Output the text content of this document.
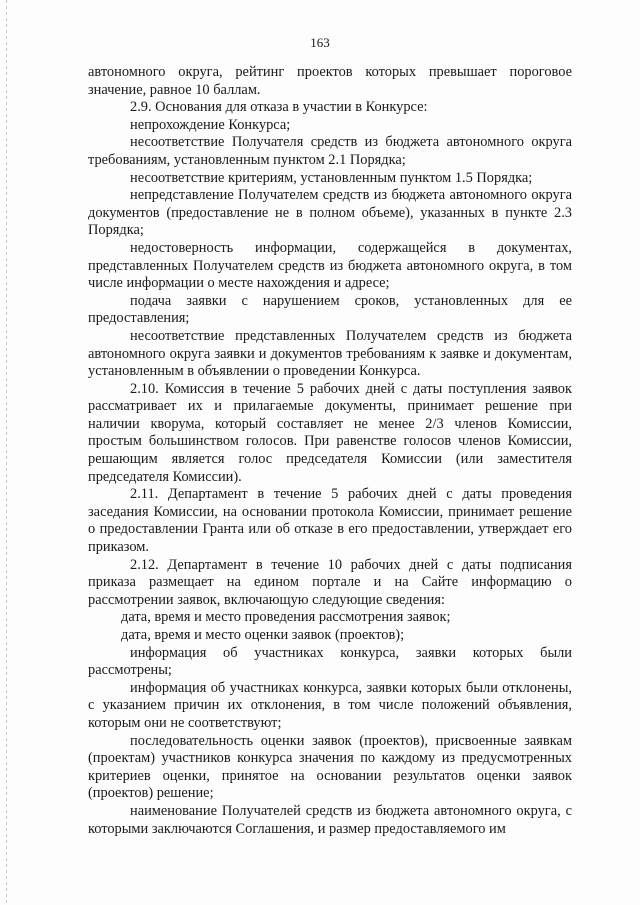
163

автономного округа, рейтинг проектов которых превышает пороговое значение, равное 10 баллам.

2.9. Основания для отказа в участии в Конкурсе:

непрохождение Конкурса;

несоответствие Получателя средств из бюджета автономного округа требованиям, установленным пунктом 2.1 Порядка;

несоответствие критериям, установленным пунктом 1.5 Порядка;

непредставление Получателем средств из бюджета автономного округа документов (предоставление не в полном объеме), указанных в пункте 2.3 Порядка;

недостоверность информации, содержащейся в документах, представленных Получателем средств из бюджета автономного округа, в том числе информации о месте нахождения и адресе;

подача заявки с нарушением сроков, установленных для ее предоставления;

несоответствие представленных Получателем средств из бюджета автономного округа заявки и документов требованиям к заявке и документам, установленным в объявлении о проведении Конкурса.

2.10. Комиссия в течение 5 рабочих дней с даты поступления заявок рассматривает их и прилагаемые документы, принимает решение при наличии кворума, который составляет не менее 2/3 членов Комиссии, простым большинством голосов. При равенстве голосов членов Комиссии, решающим является голос председателя Комиссии (или заместителя председателя Комиссии).

2.11. Департамент в течение 5 рабочих дней с даты проведения заседания Комиссии, на основании протокола Комиссии, принимает решение о предоставлении Гранта или об отказе в его предоставлении, утверждает его приказом.

2.12. Департамент в течение 10 рабочих дней с даты подписания приказа размещает на едином портале и на Сайте информацию о рассмотрении заявок, включающую следующие сведения:

дата, время и место проведения рассмотрения заявок;

дата, время и место оценки заявок (проектов);

информация об участниках конкурса, заявки которых были рассмотрены;

информация об участниках конкурса, заявки которых были отклонены, с указанием причин их отклонения, в том числе положений объявления, которым они не соответствуют;

последовательность оценки заявок (проектов), присвоенные заявкам (проектам) участников конкурса значения по каждому из предусмотренных критериев оценки, принятое на основании результатов оценки заявок (проектов) решение;

наименование Получателей средств из бюджета автономного округа, с которыми заключаются Соглашения, и размер предоставляемого им
